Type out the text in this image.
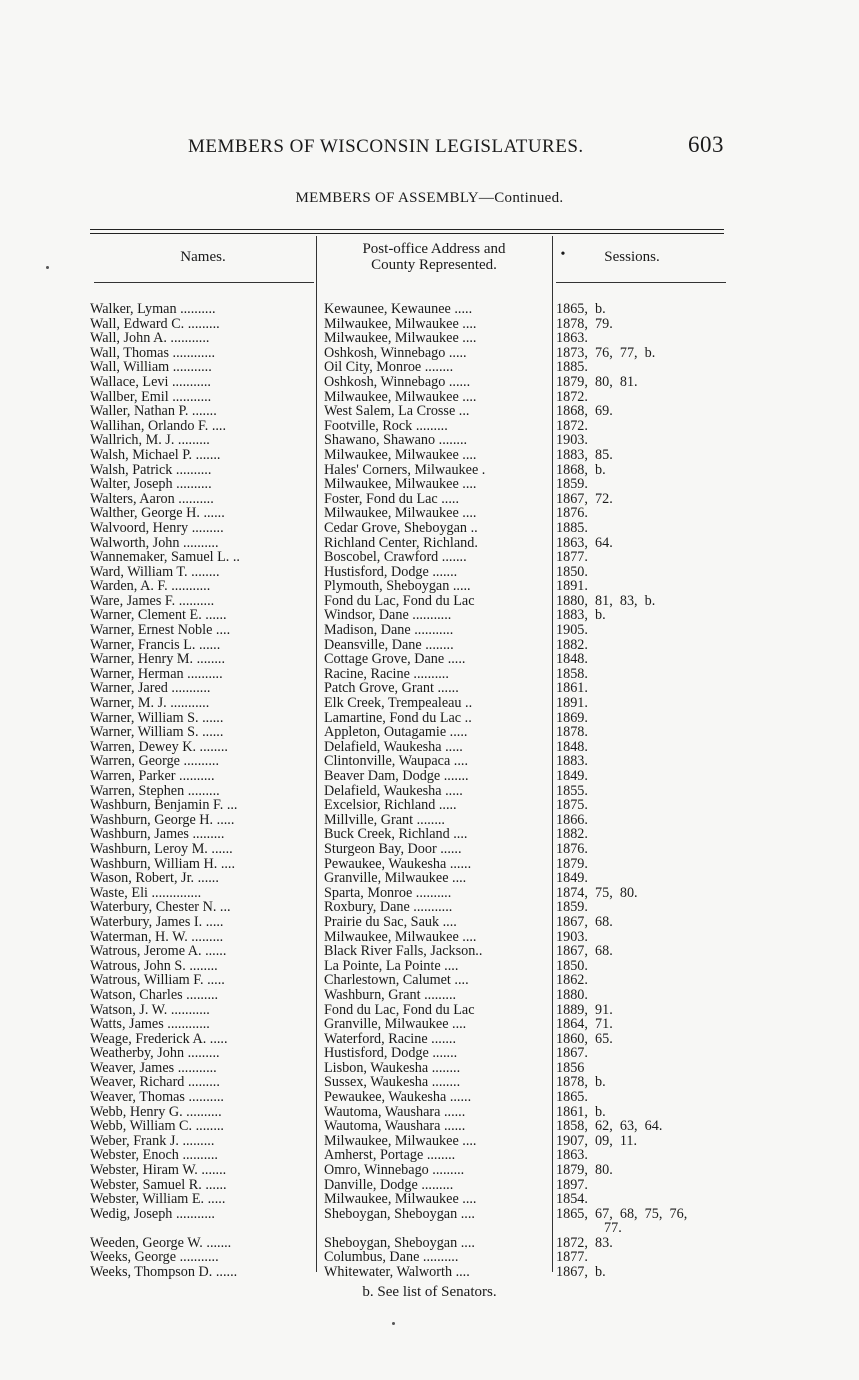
MEMBERS OF WISCONSIN LEGISLATURES.	603
MEMBERS OF ASSEMBLY—Continued.
Names.	Post-office Address and
County Represented.
•	Sessions.
Walker, Lyman ..........	Kewaunee, Kewaunee .....	1865,  b.
Wall, Edward C. .........	Milwaukee, Milwaukee ....	1878,  79.
Wall, John A. ...........	Milwaukee, Milwaukee ....	1863.
Wall, Thomas ............	Oshkosh, Winnebago .....	1873,  76,  77,  b.
Wall, William ...........	Oil City, Monroe ........	1885.
Wallace, Levi ...........	Oshkosh, Winnebago ......	1879,  80,  81.
Wallber, Emil ...........	Milwaukee, Milwaukee ....	1872.
Waller, Nathan P. .......	West Salem, La Crosse ...	1868,  69.
Wallihan, Orlando F. ....	Footville, Rock .........	1872.
Wallrich, M. J. .........	Shawano, Shawano ........	1903.
Walsh, Michael P. .......	Milwaukee, Milwaukee ....	1883,  85.
Walsh, Patrick ..........	Hales' Corners, Milwaukee .	1868,  b.
Walter, Joseph ..........	Milwaukee, Milwaukee ....	1859.
Walters, Aaron ..........	Foster, Fond du Lac .....	1867,  72.
Walther, George H. ......	Milwaukee, Milwaukee ....	1876.
Walvoord, Henry .........	Cedar Grove, Sheboygan ..	1885.
Walworth, John ..........	Richland Center, Richland.	1863,  64.
Wannemaker, Samuel L. ..	Boscobel, Crawford .......	1877.
Ward, William T. ........	Hustisford, Dodge .......	1850.
Warden, A. F. ...........	Plymouth, Sheboygan .....	1891.
Ware, James F. ..........	Fond du Lac, Fond du Lac	1880,  81,  83,  b.
Warner, Clement E. ......	Windsor, Dane ...........	1883,  b.
Warner, Ernest Noble ....	Madison, Dane ...........	1905.
Warner, Francis L. ......	Deansville, Dane ........	1882.
Warner, Henry M. ........	Cottage Grove, Dane .....	1848.
Warner, Herman ..........	Racine, Racine ..........	1858.
Warner, Jared ...........	Patch Grove, Grant ......	1861.
Warner, M. J. ...........	Elk Creek, Trempealeau ..	1891.
Warner, William S. ......	Lamartine, Fond du Lac ..	1869.
Warner, William S. ......	Appleton, Outagamie .....	1878.
Warren, Dewey K. ........	Delafield, Waukesha .....	1848.
Warren, George ..........	Clintonville, Waupaca ....	1883.
Warren, Parker ..........	Beaver Dam, Dodge .......	1849.
Warren, Stephen .........	Delafield, Waukesha .....	1855.
Washburn, Benjamin F. ...	Excelsior, Richland .....	1875.
Washburn, George H. .....	Millville, Grant ........	1866.
Washburn, James .........	Buck Creek, Richland ....	1882.
Washburn, Leroy M. ......	Sturgeon Bay, Door ......	1876.
Washburn, William H. ....	Pewaukee, Waukesha ......	1879.
Wason, Robert, Jr. ......	Granville, Milwaukee ....	1849.
Waste, Eli ..............	Sparta, Monroe ..........	1874,  75,  80.
Waterbury, Chester N. ...	Roxbury, Dane ...........	1859.
Waterbury, James I. .....	Prairie du Sac, Sauk ....	1867,  68.
Waterman, H. W. .........	Milwaukee, Milwaukee ....	1903.
Watrous, Jerome A. ......	Black River Falls, Jackson..	1867,  68.
Watrous, John S. ........	La Pointe, La Pointe ....	1850.
Watrous, William F. .....	Charlestown, Calumet ....	1862.
Watson, Charles .........	Washburn, Grant .........	1880.
Watson, J. W. ...........	Fond du Lac, Fond du Lac	1889,  91.
Watts, James ............	Granville, Milwaukee ....	1864,  71.
Weage, Frederick A. .....	Waterford, Racine .......	1860,  65.
Weatherby, John .........	Hustisford, Dodge .......	1867.
Weaver, James ...........	Lisbon, Waukesha ........	1856
Weaver, Richard .........	Sussex, Waukesha ........	1878,  b.
Weaver, Thomas ..........	Pewaukee, Waukesha ......	1865.
Webb, Henry G. ..........	Wautoma, Waushara ......	1861,  b.
Webb, William C. ........	Wautoma, Waushara ......	1858,  62,  63,  64.
Weber, Frank J. .........	Milwaukee, Milwaukee ....	1907,  09,  11.
Webster, Enoch ..........	Amherst, Portage ........	1863.
Webster, Hiram W. .......	Omro, Winnebago .........	1879,  80.
Webster, Samuel R. ......	Danville, Dodge .........	1897.
Webster, William E. .....	Milwaukee, Milwaukee ....	1854.
Wedig, Joseph ...........	Sheboygan, Sheboygan ....	1865,  67,  68,  75,  76,
77.
Weeden, George W. .......	Sheboygan, Sheboygan ....	1872,  83.
Weeks, George ...........	Columbus, Dane ..........	1877.
Weeks, Thompson D. ......	Whitewater, Walworth ....	1867,  b.
b. See list of Senators.
